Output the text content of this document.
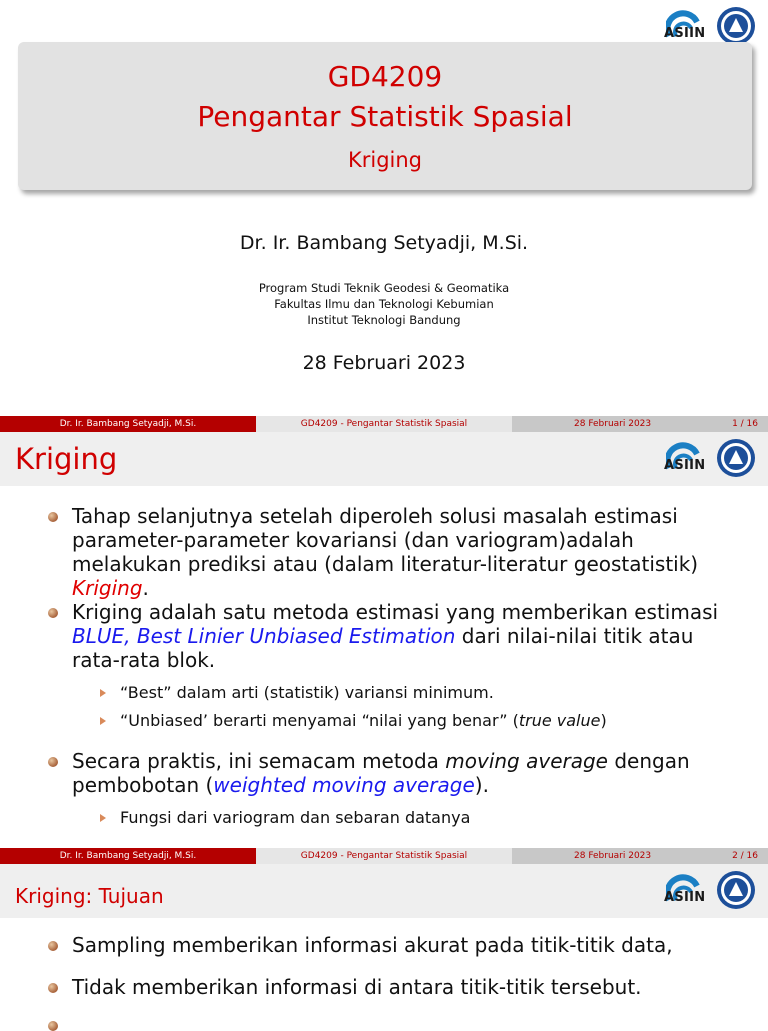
ASIIN
GD4209
Pengantar Statistik Spasial
Kriging
Dr. Ir. Bambang Setyadji, M.Si.
Program Studi Teknik Geodesi & Geomatika
Fakultas Ilmu dan Teknologi Kebumian
Institut Teknologi Bandung
28 Februari 2023
Dr. Ir. Bambang Setyadji, M.Si.	GD4209 - Pengantar Statistik Spasial	28 Februari 2023	1 / 16
Kriging	ASIIN
Tahap selanjutnya setelah diperoleh solusi masalah estimasi parameter-parameter kovariansi (dan variogram)adalah melakukan prediksi atau (dalam literatur-literatur geostatistik) Kriging.
Kriging adalah satu metoda estimasi yang memberikan estimasi BLUE, Best Linier Unbiased Estimation dari nilai-nilai titik atau rata-rata blok.
“Best” dalam arti (statistik) variansi minimum.
“Unbiased’ berarti menyamai “nilai yang benar” (true value)
Secara praktis, ini semacam metoda moving average dengan pembobotan (weighted moving average).
Fungsi dari variogram dan sebaran datanya
Dr. Ir. Bambang Setyadji, M.Si.	GD4209 - Pengantar Statistik Spasial	28 Februari 2023	2 / 16
Kriging: Tujuan	ASIIN
Sampling memberikan informasi akurat pada titik-titik data,
Tidak memberikan informasi di antara titik-titik tersebut.
